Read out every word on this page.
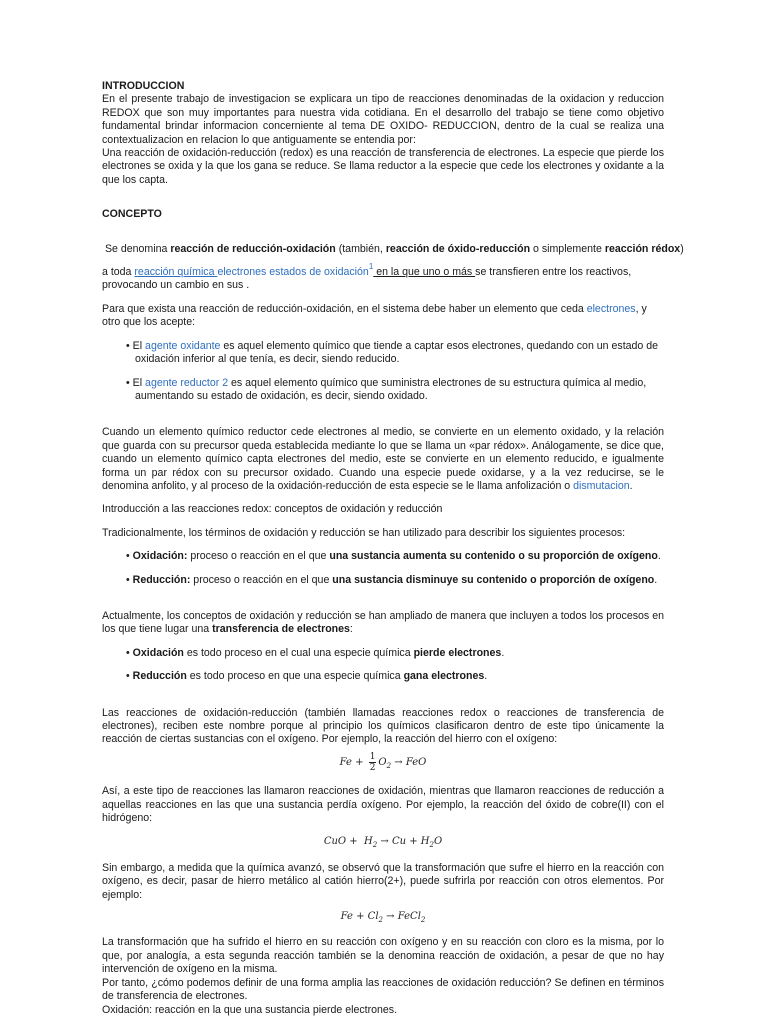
INTRODUCCION

En el presente trabajo de investigacion se explicara un tipo de reacciones denominadas de la oxidacion y reduccion REDOX que son muy importantes para nuestra vida cotidiana. En el desarrollo del trabajo se tiene como objetivo fundamental brindar informacion concerniente al tema DE OXIDO- REDUCCION, dentro de la cual se realiza una contextualizacion en relacion lo que antiguamente se entendia por:

Una reacción de oxidación-reducción (redox) es una reacción de transferencia de electrones. La especie que pierde los electrones se oxida y la que los gana se reduce. Se llama reductor a la especie que cede los electrones y oxidante a la que los capta.

CONCEPTO

Se denomina reacción de reducción-oxidación (también, reacción de óxido-reducción o simplemente reacción rédox)

a toda reacción química electrones estados de oxidación$^1$ en la que uno o más se transfieren entre los reactivos, provocando un cambio en sus .

Para que exista una reacción de reducción-oxidación, en el sistema debe haber un elemento que ceda electrones, y otro que los acepte:

• El agente oxidante es aquel elemento químico que tiende a captar esos electrones, quedando con un estado de oxidación inferior al que tenía, es decir, siendo reducido.
• El agente reductor 2 es aquel elemento químico que suministra electrones de su estructura química al medio, aumentando su estado de oxidación, es decir, siendo oxidado.

Cuando un elemento químico reductor cede electrones al medio, se convierte en un elemento oxidado, y la relación que guarda con su precursor queda establecida mediante lo que se llama un «par rédox». Análogamente, se dice que, cuando un elemento químico capta electrones del medio, este se convierte en un elemento reducido, e igualmente forma un par rédox con su precursor oxidado. Cuando una especie puede oxidarse, y a la vez reducirse, se le denomina anfolito, y al proceso de la oxidación-reducción de esta especie se le llama anfolización o dismutacion.

Introducción a las reacciones redox: conceptos de oxidación y reducción

Tradicionalmente, los términos de oxidación y reducción se han utilizado para describir los siguientes procesos:

• Oxidación: proceso o reacción en el que una sustancia aumenta su contenido o su proporción de oxígeno.
• Reducción: proceso o reacción en el que una sustancia disminuye su contenido o proporción de oxígeno.

Actualmente, los conceptos de oxidación y reducción se han ampliado de manera que incluyen a todos los procesos en los que tiene lugar una transferencia de electrones:

• Oxidación es todo proceso en el cual una especie química pierde electrones.
• Reducción es todo proceso en que una especie química gana electrones.

Las reacciones de oxidación-reducción (también llamadas reacciones redox o reacciones de transferencia de electrones), reciben este nombre porque al principio los químicos clasificaron dentro de este tipo únicamente la reacción de ciertas sustancias con el oxígeno. Por ejemplo, la reacción del hierro con el oxígeno:

$Fe + \frac{1}{2} O_2$ → FeO

Así, a este tipo de reacciones las llamaron reacciones de oxidación, mientras que llamaron reacciones de reducción a aquellas reacciones en las que una sustancia perdía oxígeno. Por ejemplo, la reacción del óxido de cobre(II) con el hidrógeno:

CuO +  $H_2 \to Cu + H_2O$

Sin embargo, a medida que la química avanzó, se observó que la transformación que sufre el hierro en la reacción con oxígeno, es decir, pasar de hierro metálico al catión hierro(2+), puede sufrirla por reacción con otros elementos. Por ejemplo:

$Fe + Cl_2$ → FeCl$_2$

La transformación que ha sufrido el hierro en su reacción con oxígeno y en su reacción con cloro es la misma, por lo que, por analogía, a esta segunda reacción también se la denomina reacción de oxidación, a pesar de que no hay intervención de oxígeno en la misma.

Por tanto, ¿cómo podemos definir de una forma amplia las reacciones de oxidación reducción? Se definen en términos de transferencia de electrones.

Oxidación: reacción en la que una sustancia pierde electrones.
